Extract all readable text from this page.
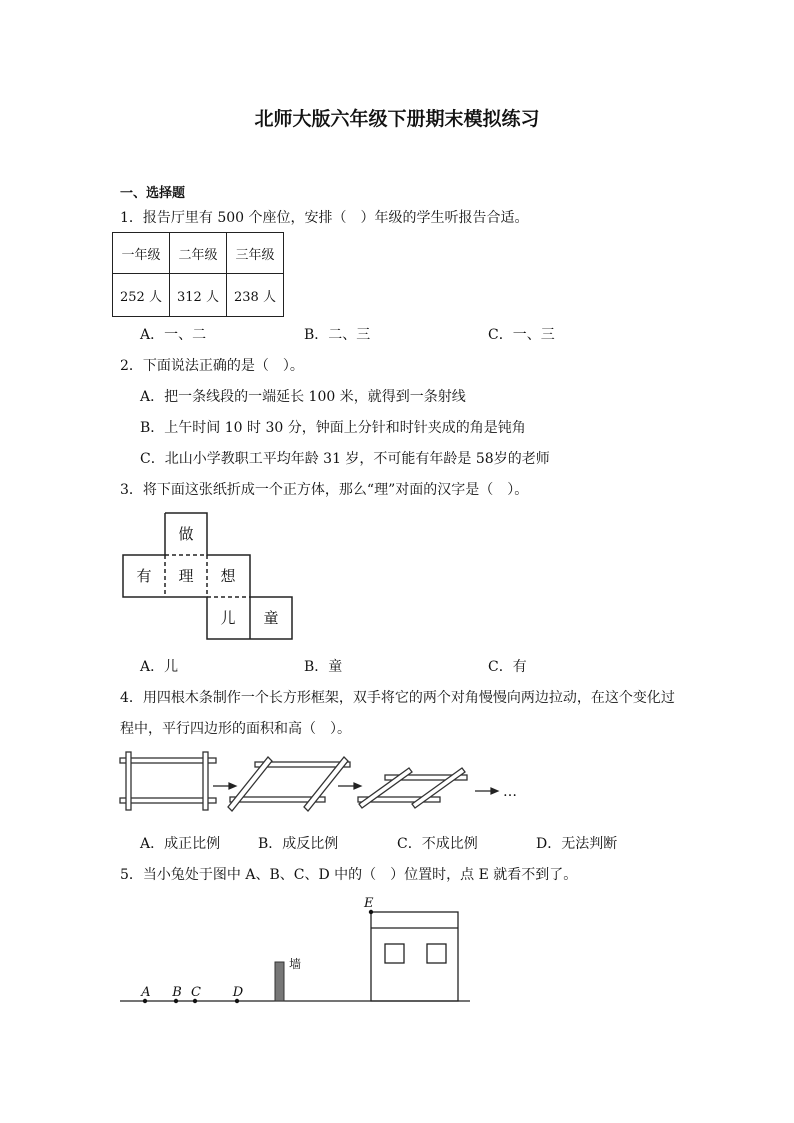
北师大版六年级下册期末模拟练习
一、选择题
1．报告厅里有 500 个座位，安排（　）年级的学生听报告合适。
一年级	二年级	三年级
252 人	312 人	238 人
A．一、二	B．二、三	C．一、三
2．下面说法正确的是（　）。
A．把一条线段的一端延长 100 米，就得到一条射线
B．上午时间 10 时 30 分，钟面上分针和时针夹成的角是钝角
C．北山小学教职工平均年龄 31 岁，不可能有年龄是 58岁的老师
3．将下面这张纸折成一个正方体，那么“理”对面的汉字是（　）。
做
有 理 想
儿 童
A．儿	B．童	C．有
4．用四根木条制作一个长方形框架，双手将它的两个对角慢慢向两边拉动，在这个变化过
程中，平行四边形的面积和高（　）。
…
A．成正比例	B．成反比例	C．不成比例	D．无法判断
5．当小兔处于图中 A、B、C、D 中的（　）位置时，点 E 就看不到了。
A B C D
墙
E
